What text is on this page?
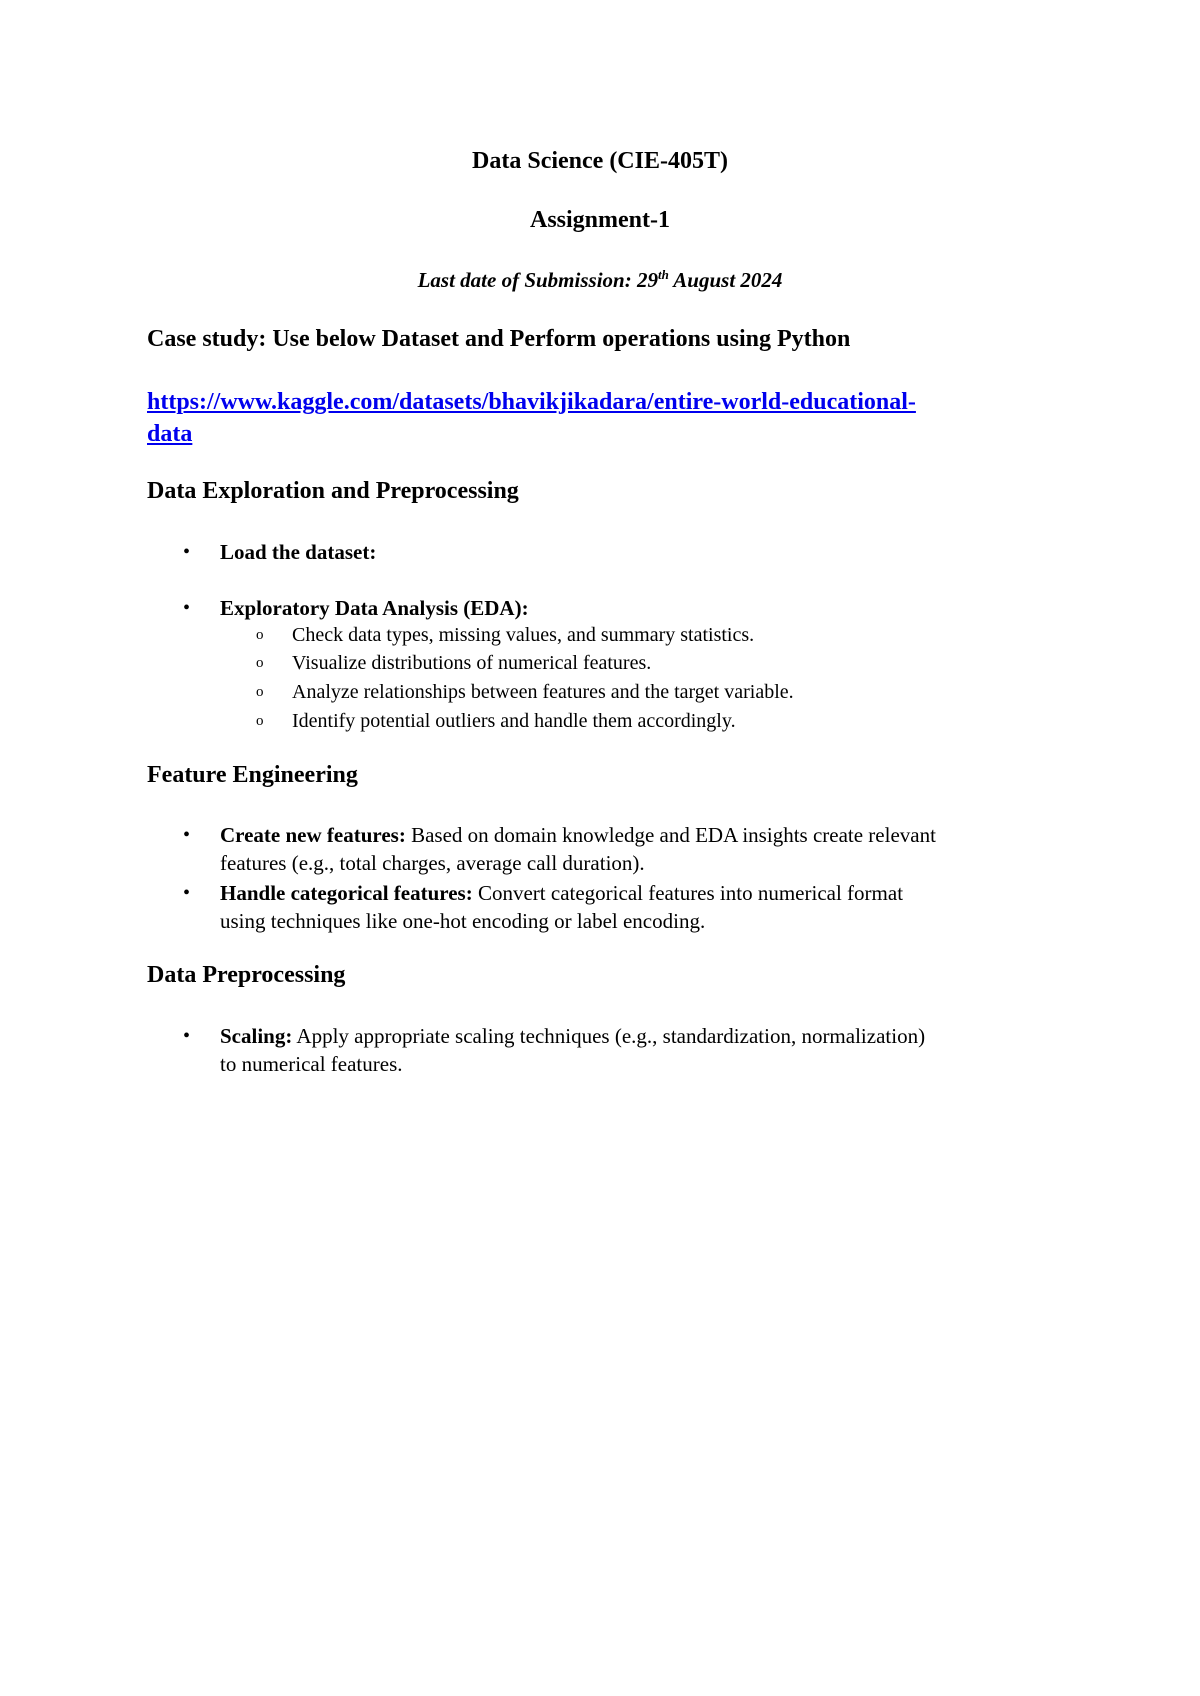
Data Science (CIE-405T)
Assignment-1
Last date of Submission: 29th August 2024
Case study: Use below Dataset and Perform operations using Python
https://www.kaggle.com/datasets/bhavikjikadara/entire-world-educational-
data
Data Exploration and Preprocessing
• Load the dataset:
• Exploratory Data Analysis (EDA):
o Check data types, missing values, and summary statistics.
o Visualize distributions of numerical features.
o Analyze relationships between features and the target variable.
o Identify potential outliers and handle them accordingly.
Feature Engineering
• Create new features: Based on domain knowledge and EDA insights create relevant
features (e.g., total charges, average call duration).
• Handle categorical features: Convert categorical features into numerical format
using techniques like one-hot encoding or label encoding.
Data Preprocessing
• Scaling: Apply appropriate scaling techniques (e.g., standardization, normalization)
to numerical features.
